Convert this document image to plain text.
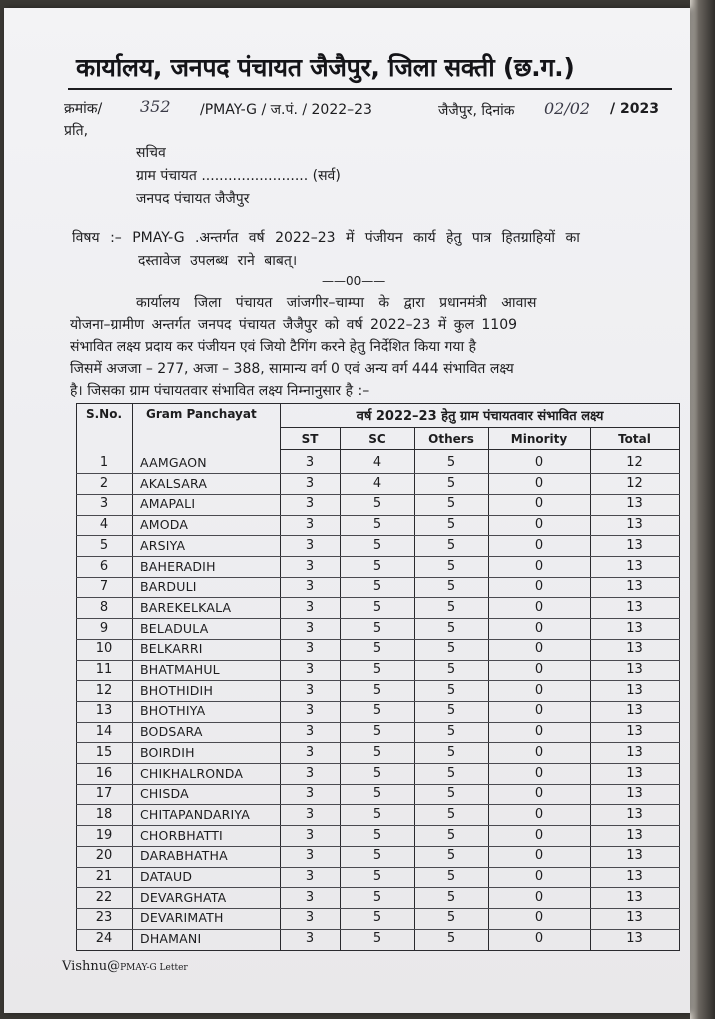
कार्यालय, जनपद पंचायत जैजैपुर, जिला सक्ती (छ.ग.)
क्रमांक/ 352 /PMAY-G / ज.पं. / 2022–23	जैजैपुर, दिनांक 02/02 / 2023
प्रति,
सचिव
ग्राम पंचायत ........................ (सर्व)
जनपद पंचायत जैजैपुर
विषय :– PMAY-G .अन्तर्गत वर्ष 2022–23 में पंजीयन कार्य हेतु पात्र हितग्राहियों का
दस्तावेज उपलब्ध राने बाबत्।
——00——
कार्यालय जिला पंचायत जांजगीर–चाम्पा के द्वारा प्रधानमंत्री आवास
योजना–ग्रामीण अन्तर्गत जनपद पंचायत जैजैपुर को वर्ष 2022–23 में कुल 1109
संभावित लक्ष्य प्रदाय कर पंजीयन एवं जियो टैगिंग करने हेतु निर्देशित किया गया है
जिसमें अजजा – 277, अजा – 388, सामान्य वर्ग 0 एवं अन्य वर्ग 444 संभावित लक्ष्य
है। जिसका ग्राम पंचायतवार संभावित लक्ष्य निम्नानुसार है :–
S.No.	Gram Panchayat	वर्ष 2022–23 हेतु ग्राम पंचायतवार संभावित लक्ष्य
ST	SC	Others	Minority	Total
1	AAMGAON	3	4	5	0	12
2	AKALSARA	3	4	5	0	12
3	AMAPALI	3	5	5	0	13
4	AMODA	3	5	5	0	13
5	ARSIYA	3	5	5	0	13
6	BAHERADIH	3	5	5	0	13
7	BARDULI	3	5	5	0	13
8	BAREKELKALA	3	5	5	0	13
9	BELADULA	3	5	5	0	13
10	BELKARRI	3	5	5	0	13
11	BHATMAHUL	3	5	5	0	13
12	BHOTHIDIH	3	5	5	0	13
13	BHOTHIYA	3	5	5	0	13
14	BODSARA	3	5	5	0	13
15	BOIRDIH	3	5	5	0	13
16	CHIKHALRONDA	3	5	5	0	13
17	CHISDA	3	5	5	0	13
18	CHITAPANDARIYA	3	5	5	0	13
19	CHORBHATTI	3	5	5	0	13
20	DARABHATHA	3	5	5	0	13
21	DATAUD	3	5	5	0	13
22	DEVARGHATA	3	5	5	0	13
23	DEVARIMATH	3	5	5	0	13
24	DHAMANI	3	5	5	0	13
Vishnu@PMAY-G Letter
